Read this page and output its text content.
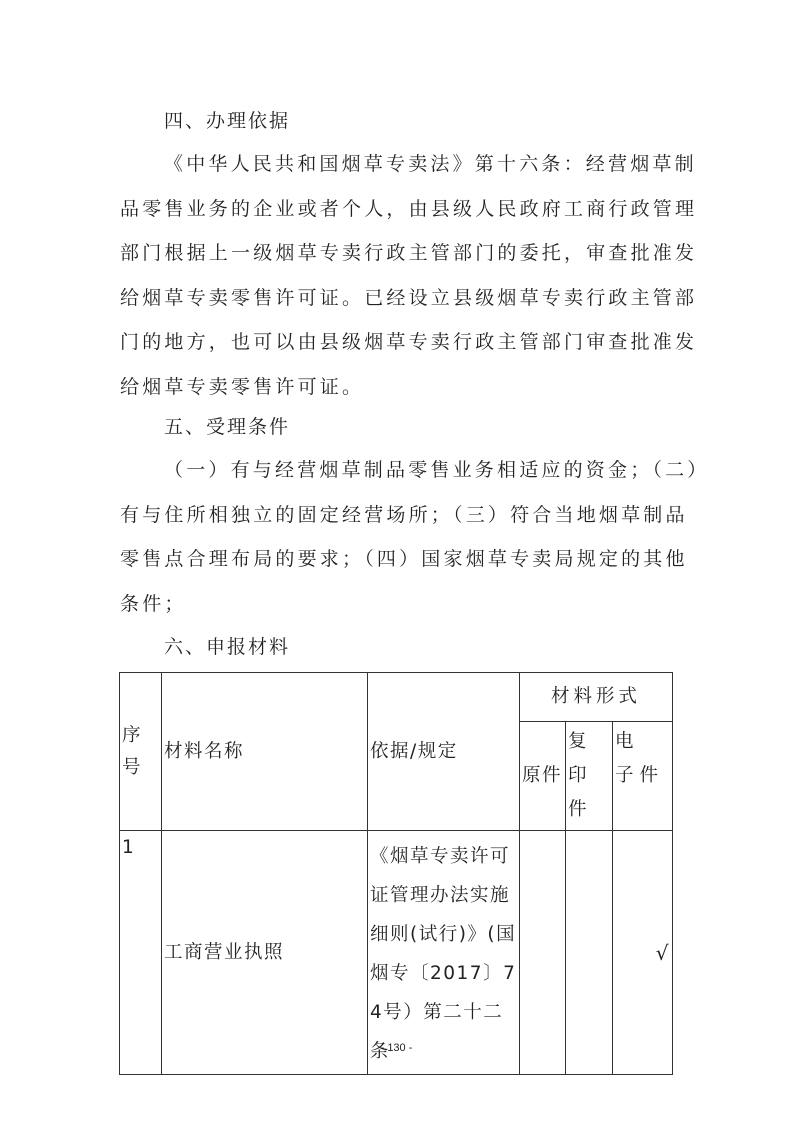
四、办理依据
《中华人民共和国烟草专卖法》第十六条：经营烟草制
品零售业务的企业或者个人，由县级人民政府工商行政管理
部门根据上一级烟草专卖行政主管部门的委托，审查批准发
给烟草专卖零售许可证。已经设立县级烟草专卖行政主管部
门的地方，也可以由县级烟草专卖行政主管部门审查批准发
给烟草专卖零售许可证。
五、受理条件
（一）有与经营烟草制品零售业务相适应的资金；（二）
有与住所相独立的固定经营场所；（三）符合当地烟草制品
零售点合理布局的要求；（四）国家烟草专卖局规定的其他
条件；
六、申报材料
序号	材料名称	依据/规定	材料形式		

			原件	复 印件	电 子件

1	工商营业执照	《烟草专卖许可证管理办法实施细则(试行)》(国烟专〔2017〕74号）第二十二条			√
- 130 -
